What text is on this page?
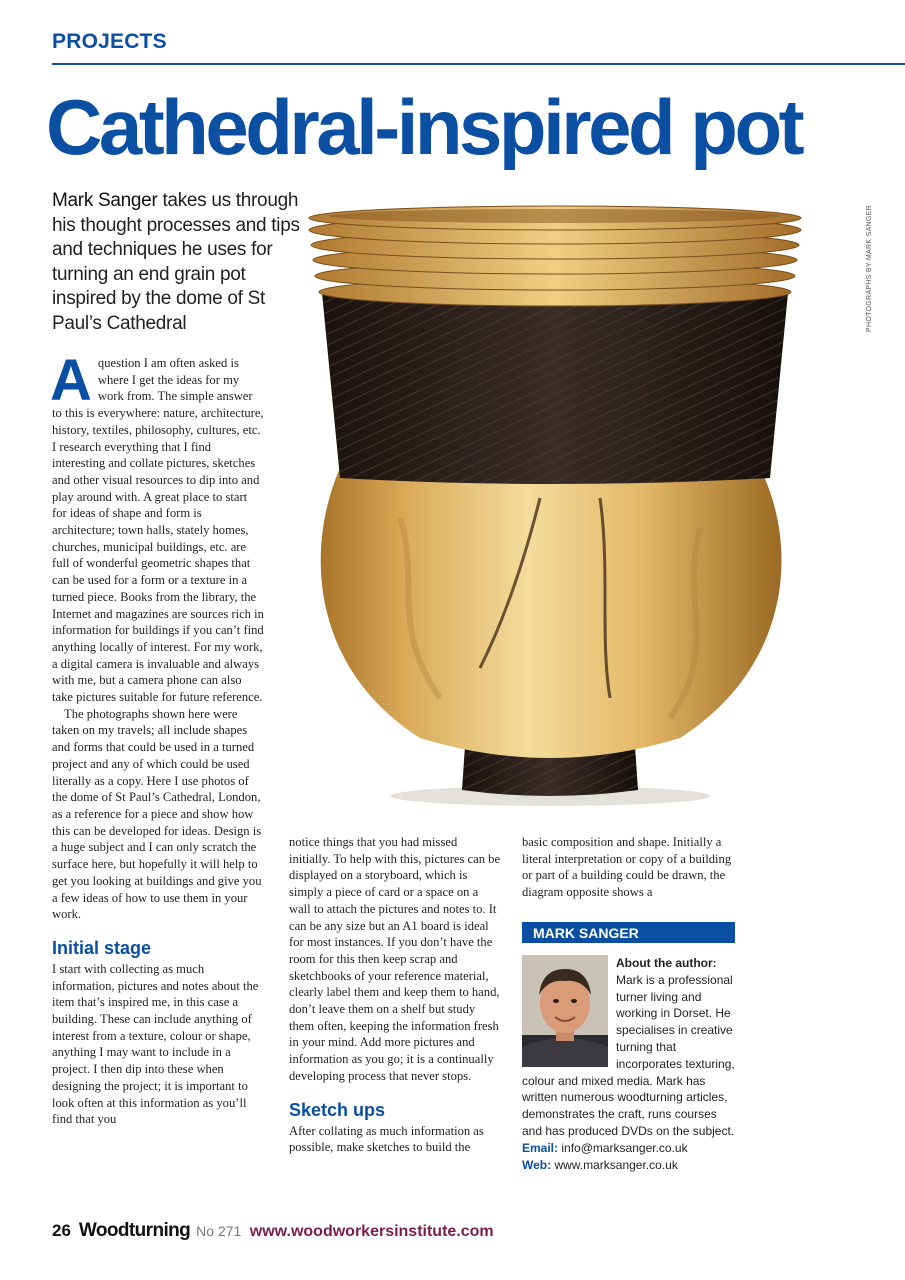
PROJECTS
Cathedral-inspired pot
Mark Sanger takes us through his thought processes and tips and techniques he uses for turning an end grain pot inspired by the dome of St Paul’s Cathedral	PHOTOGRAPHS BY MARK SANGER

Aquestion I am often asked is where I get the ideas for my work from. The simple answer to this is everywhere: nature, architecture, history, textiles, philosophy, cultures, etc. I research everything that I find interesting and collate pictures, sketches and other visual resources to dip into and play around with. A great place to start for ideas of shape and form is architecture; town halls, stately homes, churches, municipal buildings, etc. are full of wonderful geometric shapes that can be used for a form or a texture in a turned piece. Books from the library, the Internet and magazines are sources rich in information for buildings if you can’t find anything locally of interest. For my work, a digital camera is invaluable and always with me, but a camera phone can also take pictures suitable for future reference.

The photographs shown here were taken on my travels; all include shapes and forms that could be used in a turned project and any of which could be used literally as a copy. Here I use photos of the dome of St Paul’s Cathedral, London, as a reference for a piece and show how this can be developed for ideas. Design is a huge subject and I can only scratch the surface here, but hopefully it will help to get you looking at buildings and give you a few ideas of how to use them in your work.

Initial stage

I start with collecting as much information, pictures and notes about the item that’s inspired me, in this case a building. These can include anything of interest from a texture, colour or shape, anything I may want to include in a project. I then dip into these when designing the project; it is important to look often at this information as you’ll find that you

notice things that you had missed initially. To help with this, pictures can be displayed on a storyboard, which is simply a piece of card or a space on a wall to attach the pictures and notes to. It can be any size but an A1 board is ideal for most instances. If you don’t have the room for this then keep scrap and sketchbooks of your reference material, clearly label them and keep them to hand, don’t leave them on a shelf but study them often, keeping the information fresh in your mind. Add more pictures and information as you go; it is a continually developing process that never stops.

Sketch ups

After collating as much information as possible, make sketches to build the

basic composition and shape. Initially a literal interpretation or copy of a building or part of a building could be drawn, the diagram opposite shows a

MARK SANGER
About the author: Mark is a professional turner living and working in Dorset. He specialises in creative turning that incorporates texturing, colour and mixed media. Mark has written numerous woodturning articles, demonstrates the craft, runs courses and has produced DVDs on the subject.
Email: info@marksanger.co.uk
Web: www.marksanger.co.uk
26 Woodturning No 271 www.woodworkersinstitute.com
